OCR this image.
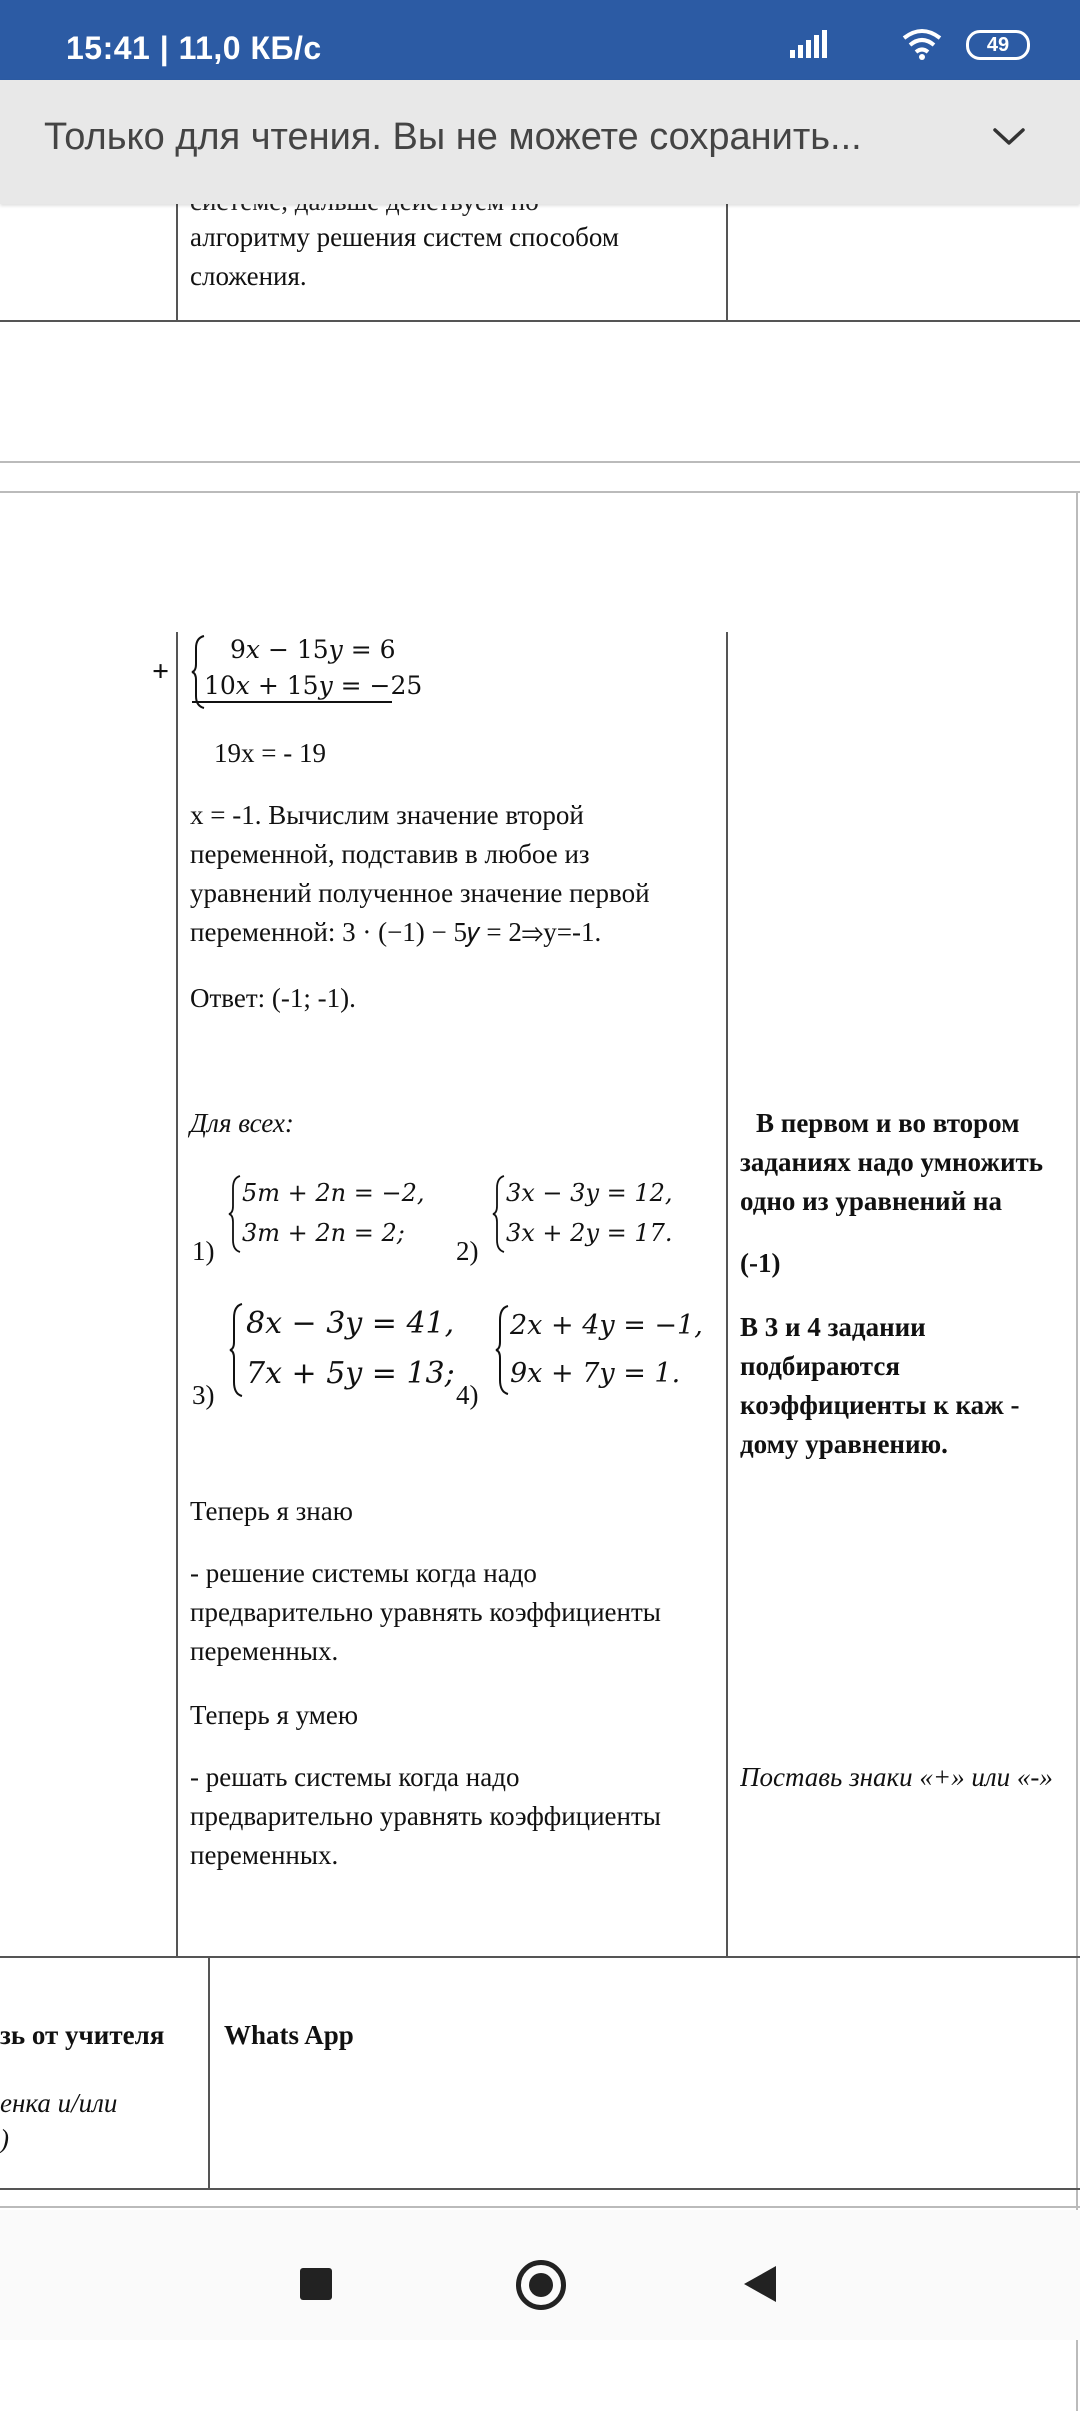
15:41 | 11,0 КБ/с	49
Только для чтения. Вы не можете сохранить...
алгоритму решения систем способом
сложения.
+
9𝑥 − 15𝑦 = 6
10𝑥 + 15𝑦 = −25
19x = - 19
x = -1. Вычислим значение второй
переменной, подставив в любое из
уравнений полученное значение первой
переменной: 3 · (−1) − 5𝑦 = 2⇒y=-1.
Ответ: (-1; -1).
Для всех:
1)
5m + 2n = −2,
3m + 2n = 2;
2)
3x − 3y = 12,
3x + 2y = 17.
3)
8x − 3y = 41,
7x + 5y = 13;
4)
2x + 4y = −1,
9x + 7y = 1.
В первом и во втором
заданиях надо умножить
одно из уравнений на
(-1)
В 3 и 4 задании
подбираются
коэффициенты к каж -
дому уравнению.
Теперь я знаю
- решение системы когда надо
предварительно уравнять коэффициенты
переменных.
Теперь я умею
- решать системы когда надо
предварительно уравнять коэффициенты
переменных.
Поставь знаки «+» или «-»
зь от учителя
енка и/или
)
Whats App
